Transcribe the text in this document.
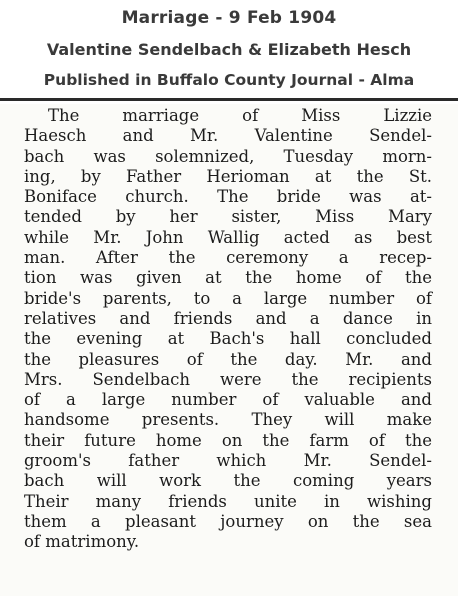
Marriage - 9 Feb 1904
Valentine Sendelbach & Elizabeth Hesch
Published in Buffalo County Journal - Alma
The marriage of Miss Lizzie
Haesch and Mr. Valentine Sendel-
bach was solemnized, Tuesday morn-
ing, by Father Herioman at the St.
Boniface church. The bride was at-
tended by her sister, Miss Mary
while Mr. John Wallig acted as best
man. After the ceremony a recep-
tion was given at the home of the
bride's parents, to a large number of
relatives and friends and a dance in
the evening at Bach's hall concluded
the pleasures of the day. Mr. and
Mrs. Sendelbach were the recipients
of a large number of valuable and
handsome presents. They will make
their future home on the farm of the
groom's father which Mr. Sendel-
bach will work the coming years
Their many friends unite in wishing
them a pleasant journey on the sea
of matrimony.
